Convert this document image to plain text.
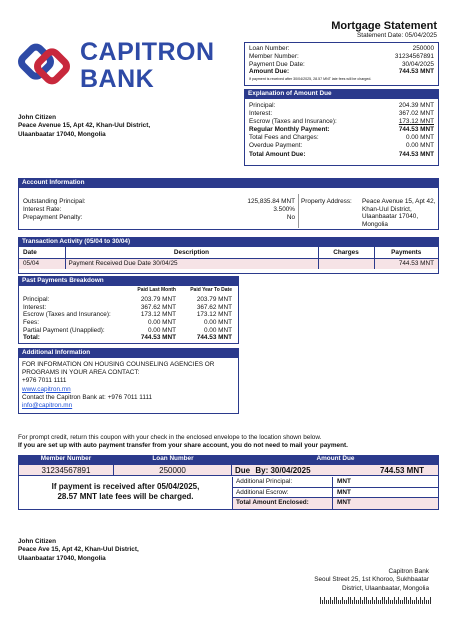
CAPITRON
BANK
Mortgage Statement
Statement Date: 05/04/2025
Loan Number:	250000
Member Number:	31234567891
Payment Due Date:	30/04/2025
Amount Due:	744.53 MNT
If payment is received after 30/04/2025, 28.57 MNT late fees will be charged.
John Citizen
Peace Avenue 15, Apt 42, Khan-Uul District,
Ulaanbaatar 17040, Mongolia
Explanation of Amount Due
Principal:	204.39 MNT
Interest:	367.02 MNT
Escrow (Taxes and Insurance):	173.12 MNT
Regular Monthly Payment:	744.53 MNT
Total Fees and Charges:	0.00 MNT
Overdue Payment:	0.00 MNT
Total Amount Due:	744.53 MNT
Account Information
Outstanding Principal:	125,835.84 MNT
Interest Rate:	3.500%
Prepayment Penalty:	No
Property Address: Peace Avenue 15, Apt 42,
Khan-Uul District,
Ulaanbaatar 17040,
Mongolia
Transaction Activity (05/04 to 30/04)
Date	Description	Charges	Payments
05/04	Payment Received Due Date 30/04/25		744.53 MNT
Past Payments Breakdown
Paid Last Month	Paid Year To Date
Principal:	203.79 MNT	203.79 MNT
Interest:	367.62 MNT	367.62 MNT
Escrow (Taxes and Insurance):	173.12 MNT	173.12 MNT
Fees:	0.00 MNT	0.00 MNT
Partial Payment (Unapplied):	0.00 MNT	0.00 MNT
Total:	744.53 MNT	744.53 MNT
Additional Information
FOR INFORMATION ON HOUSING COUNSELING AGENCIES OR
PROGRAMS IN YOUR AREA CONTACT:
+976 7011 1111
www.capitron.mn
Contact the Capitron Bank at: +976 7011 1111
info@capitron.mn
For prompt credit, return this coupon with your check in the enclosed envelope to the location shown below.
If you are set up with auto payment transfer from your share account, you do not need to mail your payment.
Member Number	Loan Number	Amount Due
31234567891	250000	Due By: 30/04/2025	744.53 MNT
If payment is received after 05/04/2025,
28.57 MNT late fees will be charged.
Additional Principal:	MNT
Additional Escrow:	MNT
Total Amount Enclosed:	MNT
John Citizen
Peace Ave 15, Apt 42, Khan-Uul District,
Ulaanbaatar 17040, Mongolia
Capitron Bank
Seoul Street 25, 1st Khoroo, Sukhbaatar
District, Ulaanbaatar, Mongolia
